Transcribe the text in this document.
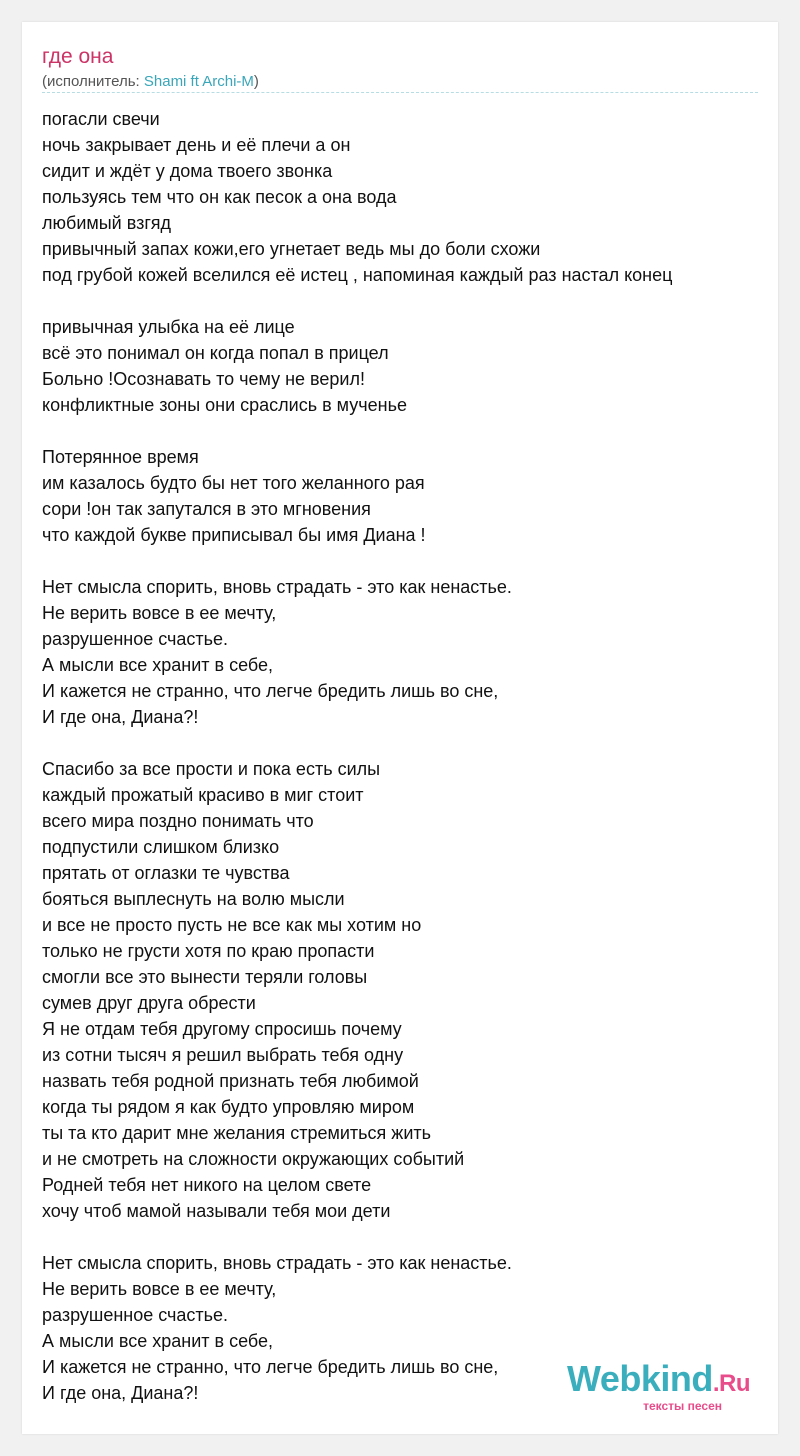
где она
(исполнитель: Shami ft Archi-M)
погасли свечи
ночь закрывает день и её плечи а он
сидит и ждёт у дома твоего звонка
пользуясь тем что он как песок а она вода
любимый взгяд
привычный запах кожи,его угнетает ведь мы до боли схожи
под грубой кожей вселился её истец , напоминая каждый раз настал конец
привычная улыбка на её лице
всё это понимал он когда попал в прицел
Больно !Осознавать то чему не верил!
конфликтные зоны они сраслись в мученье
Потерянное время
им казалось будто бы нет того желанного рая
сори !он так запутался в это мгновения
что каждой букве приписывал бы имя Диана !
Нет смысла спорить, вновь страдать - это как ненастье.
Не верить вовсе в ее мечту,
разрушенное счастье.
А мысли все хранит в себе,
И кажется не странно, что легче бредить лишь во сне,
И где она, Диана?!
Спасибо за все прости и пока есть силы
каждый прожатый красиво в миг стоит
всего мира поздно понимать что
подпустили слишком близко
прятать от оглазки те чувства
бояться выплеснуть на волю мысли
и все не просто пусть не все как мы хотим но
только не грусти хотя по краю пропасти
смогли все это вынести теряли головы
сумев друг друга обрести
Я не отдам тебя другому спросишь почему
из сотни тысяч я решил выбрать тебя одну
назвать тебя родной признать тебя любимой
когда ты рядом я как будто упровляю миром
ты та кто дарит мне желания стремиться жить
и не смотреть на сложности окружающих событий
Родней тебя нет никого на целом свете
хочу чтоб мамой называли тебя мои дети
Нет смысла спорить, вновь страдать - это как ненастье.
Не верить вовсе в ее мечту,
разрушенное счастье.
А мысли все хранит в себе,
И кажется не странно, что легче бредить лишь во сне,
И где она, Диана?!	Webkind.Ru
тексты песен
